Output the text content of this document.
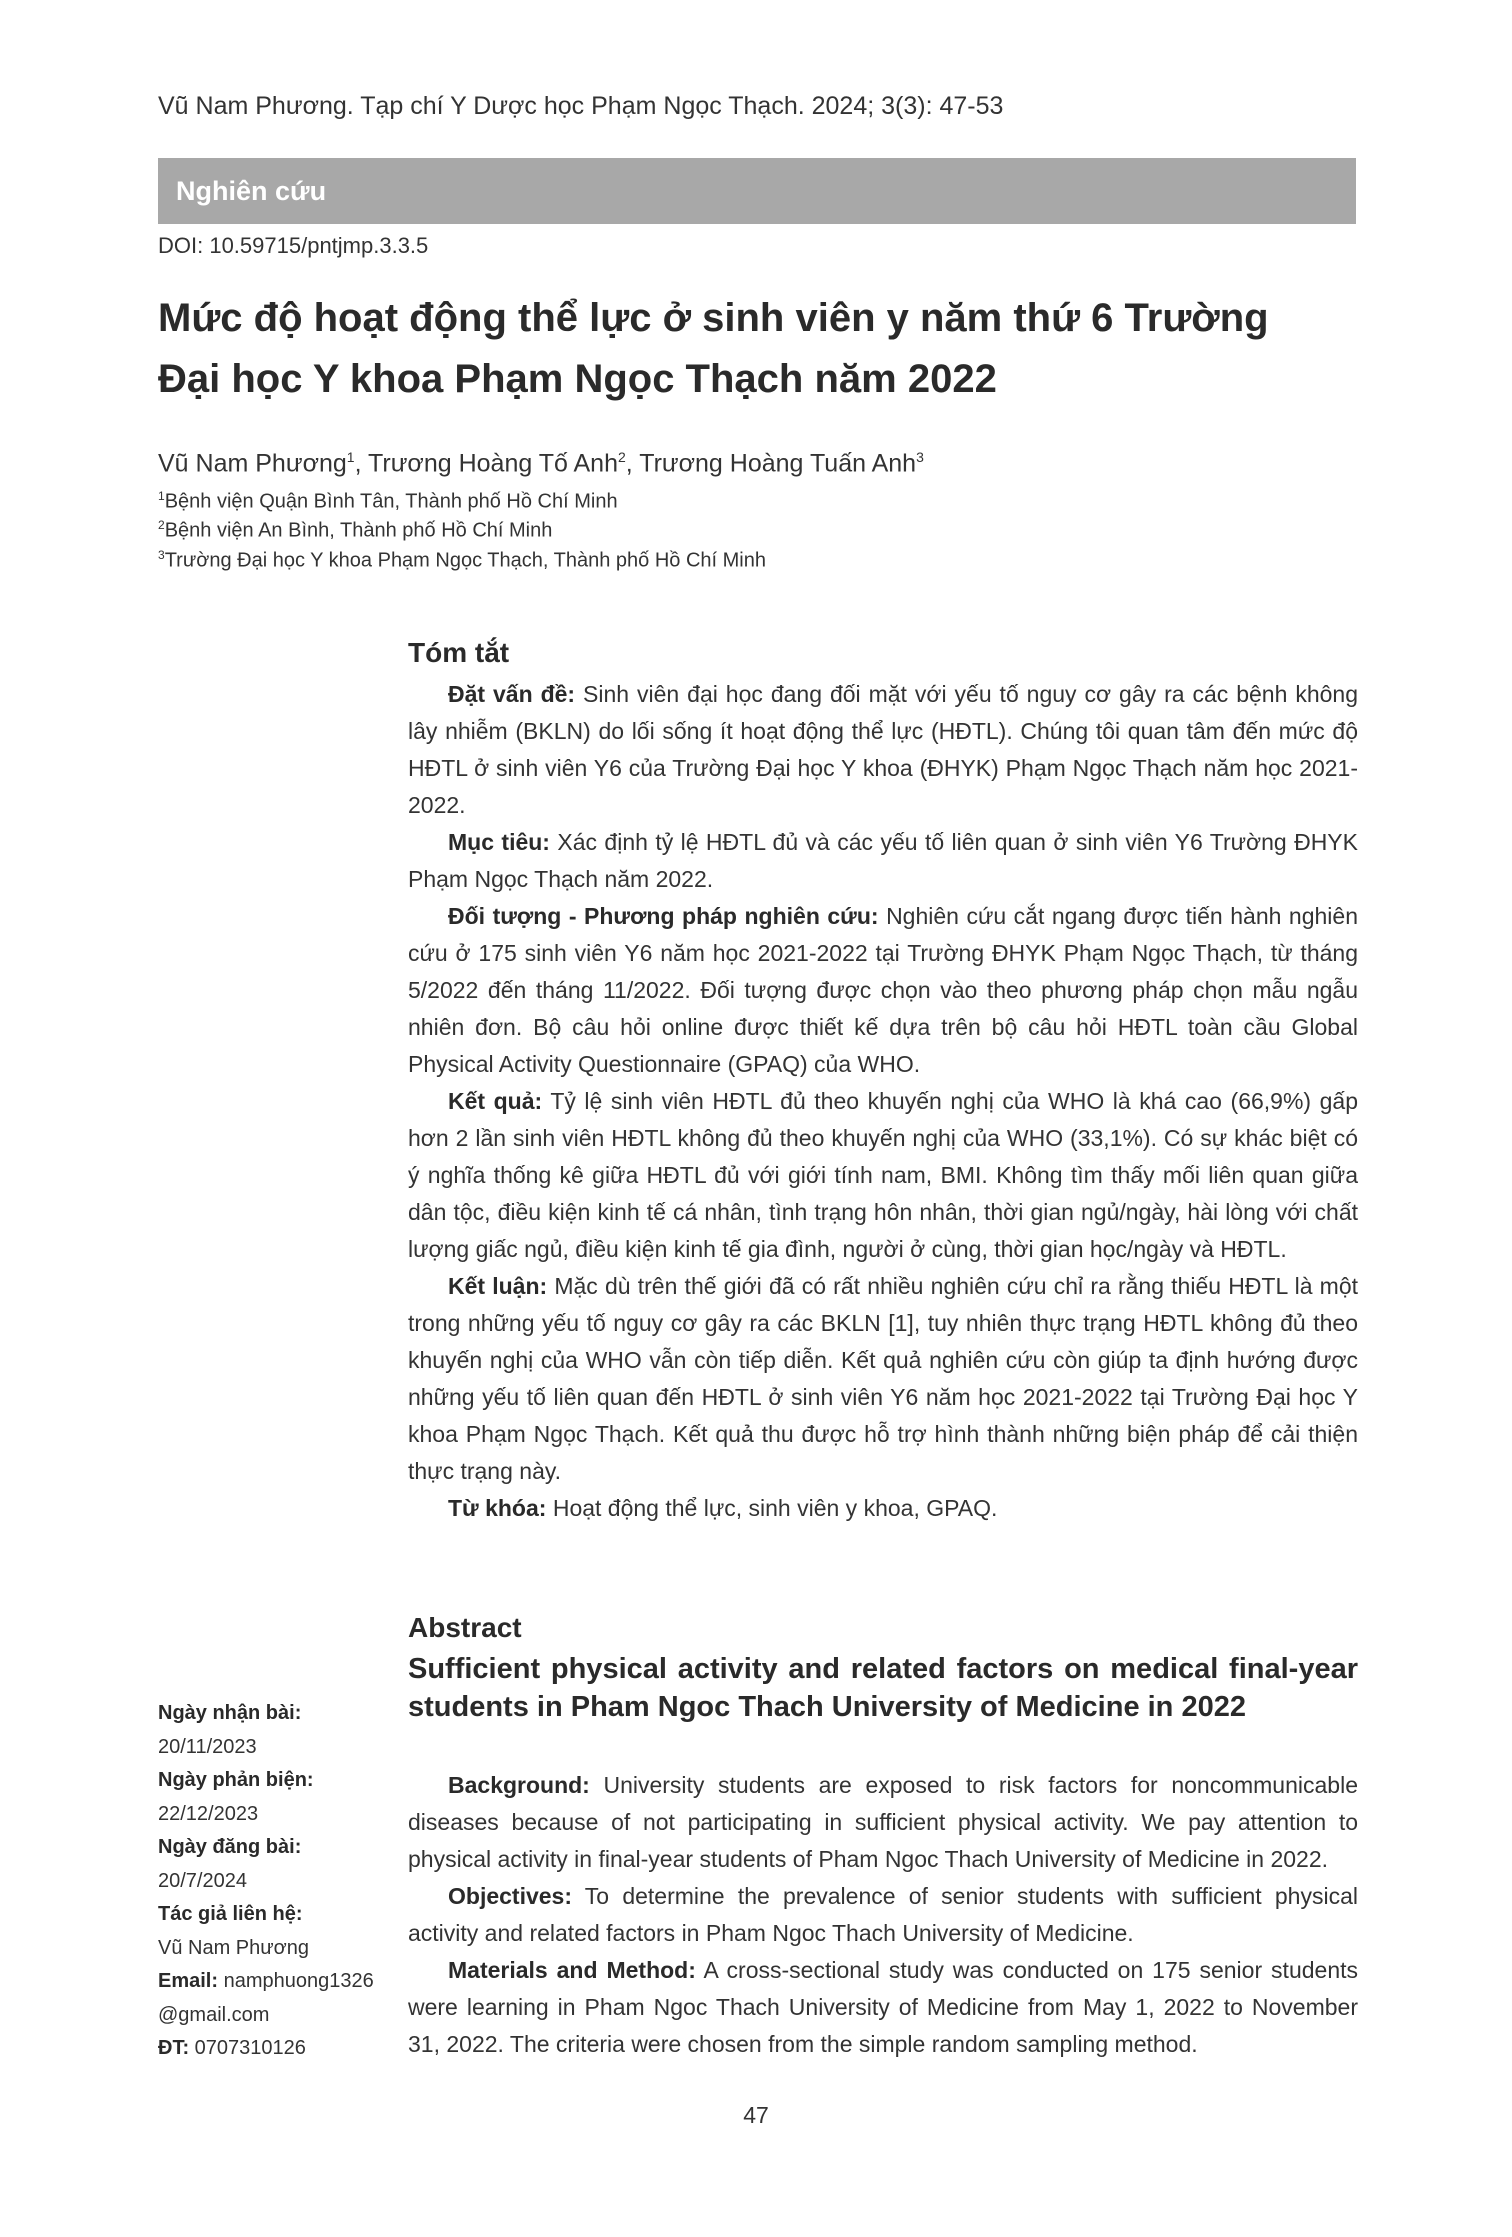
Vũ Nam Phương. Tạp chí Y Dược học Phạm Ngọc Thạch. 2024; 3(3): 47-53
Nghiên cứu
DOI: 10.59715/pntjmp.3.3.5
Mức độ hoạt động thể lực ở sinh viên y năm thứ 6 Trường
Đại học Y khoa Phạm Ngọc Thạch năm 2022
Vũ Nam Phương$^1$, Trương Hoàng Tố Anh$^2$, Trương Hoàng Tuấn Anh$^3$
$^1$Bệnh viện Quận Bình Tân, Thành phố Hồ Chí Minh
$^2$Bệnh viện An Bình, Thành phố Hồ Chí Minh
$^3$Trường Đại học Y khoa Phạm Ngọc Thạch, Thành phố Hồ Chí Minh
Tóm tắt

Đặt vấn đề: Sinh viên đại học đang đối mặt với yếu tố nguy cơ gây ra các bệnh không lây nhiễm (BKLN) do lối sống ít hoạt động thể lực (HĐTL). Chúng tôi quan tâm đến mức độ HĐTL ở sinh viên Y6 của Trường Đại học Y khoa (ĐHYK) Phạm Ngọc Thạch năm học 2021-2022.

Mục tiêu: Xác định tỷ lệ HĐTL đủ và các yếu tố liên quan ở sinh viên Y6 Trường ĐHYK Phạm Ngọc Thạch năm 2022.

Đối tượng - Phương pháp nghiên cứu: Nghiên cứu cắt ngang được tiến hành nghiên cứu ở 175 sinh viên Y6 năm học 2021-2022 tại Trường ĐHYK Phạm Ngọc Thạch, từ tháng 5/2022 đến tháng 11/2022. Đối tượng được chọn vào theo phương pháp chọn mẫu ngẫu nhiên đơn. Bộ câu hỏi online được thiết kế dựa trên bộ câu hỏi HĐTL toàn cầu Global Physical Activity Questionnaire (GPAQ) của WHO.

Kết quả: Tỷ lệ sinh viên HĐTL đủ theo khuyến nghị của WHO là khá cao (66,9%) gấp hơn 2 lần sinh viên HĐTL không đủ theo khuyến nghị của WHO (33,1%). Có sự khác biệt có ý nghĩa thống kê giữa HĐTL đủ với giới tính nam, BMI. Không tìm thấy mối liên quan giữa dân tộc, điều kiện kinh tế cá nhân, tình trạng hôn nhân, thời gian ngủ/ngày, hài lòng với chất lượng giấc ngủ, điều kiện kinh tế gia đình, người ở cùng, thời gian học/ngày và HĐTL.

Kết luận: Mặc dù trên thế giới đã có rất nhiều nghiên cứu chỉ ra rằng thiếu HĐTL là một trong những yếu tố nguy cơ gây ra các BKLN [1], tuy nhiên thực trạng HĐTL không đủ theo khuyến nghị của WHO vẫn còn tiếp diễn. Kết quả nghiên cứu còn giúp ta định hướng được những yếu tố liên quan đến HĐTL ở sinh viên Y6 năm học 2021-2022 tại Trường Đại học Y khoa Phạm Ngọc Thạch. Kết quả thu được hỗ trợ hình thành những biện pháp để cải thiện thực trạng này.

Từ khóa: Hoạt động thể lực, sinh viên y khoa, GPAQ.

Abstract
Sufficient physical activity and related factors on medical final-year students in Pham Ngoc Thach University of Medicine in 2022

Background: University students are exposed to risk factors for noncommunicable diseases because of not participating in sufficient physical activity. We pay attention to physical activity in final-year students of Pham Ngoc Thach University of Medicine in 2022.

Objectives: To determine the prevalence of senior students with sufficient physical activity and related factors in Pham Ngoc Thach University of Medicine.

Materials and Method: A cross-sectional study was conducted on 175 senior students were learning in Pham Ngoc Thach University of Medicine from May 1, 2022 to November 31, 2022. The criteria were chosen from the simple random sampling method.

Ngày nhận bài:
20/11/2023
Ngày phản biện:
22/12/2023
Ngày đăng bài:
20/7/2024
Tác giả liên hệ:
Vũ Nam Phương
Email: namphuong1326
@gmail.com
ĐT: 0707310126
47
